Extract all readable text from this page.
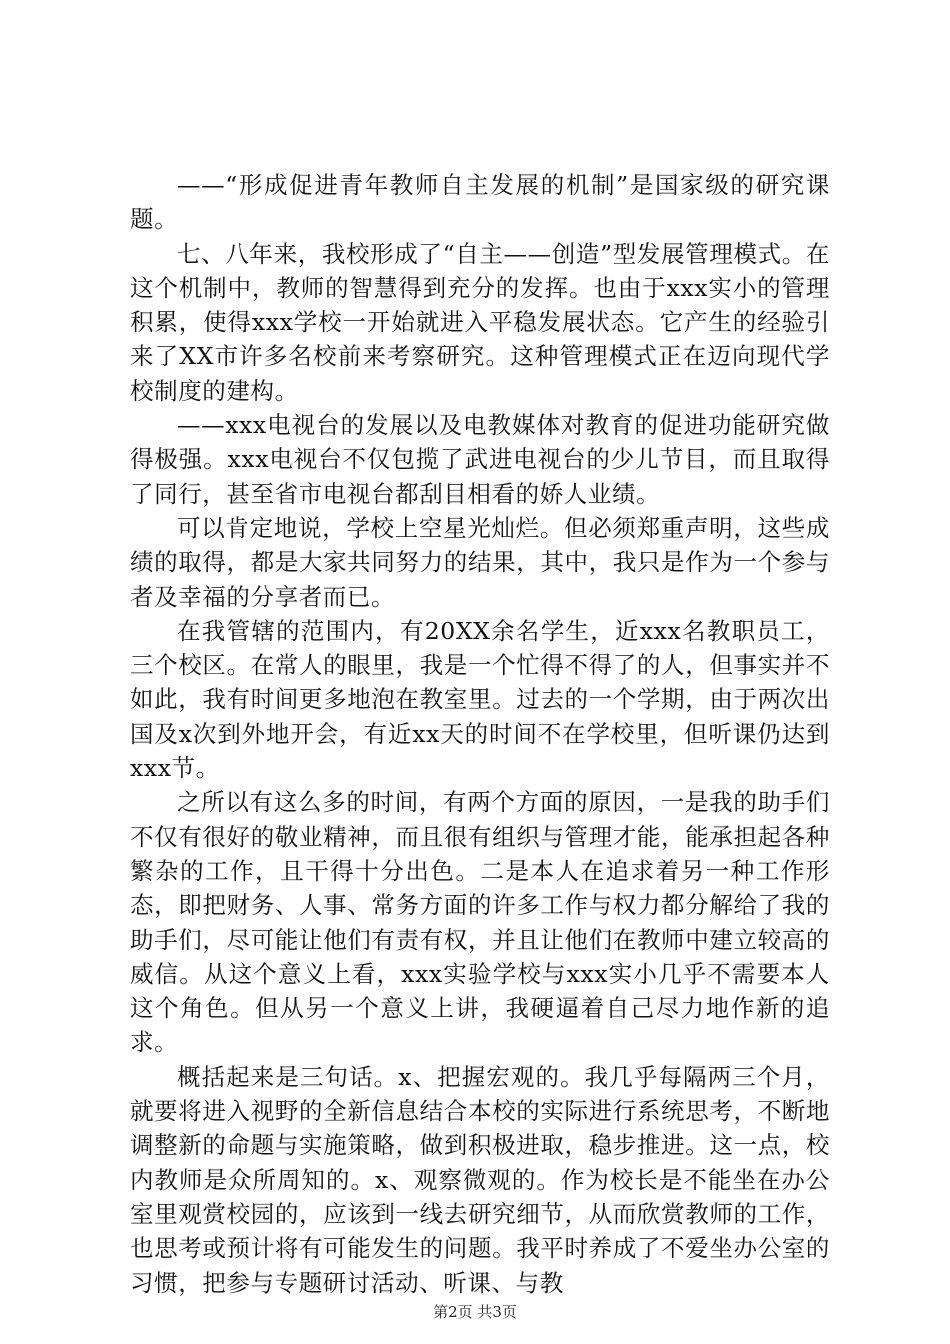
——“形成促进青年教师自主发展的机制”是国家级的研究课题。

七、八年来，我校形成了“自主——创造”型发展管理模式。在这个机制中，教师的智慧得到充分的发挥。也由于xxx实小的管理积累，使得xxx学校一开始就进入平稳发展状态。它产生的经验引来了XX市许多名校前来考察研究。这种管理模式正在迈向现代学校制度的建构。

——xxx电视台的发展以及电教媒体对教育的促进功能研究做得极强。xxx电视台不仅包揽了武进电视台的少儿节目，而且取得了同行，甚至省市电视台都刮目相看的娇人业绩。

可以肯定地说，学校上空星光灿烂。但必须郑重声明，这些成绩的取得，都是大家共同努力的结果，其中，我只是作为一个参与者及幸福的分享者而已。

在我管辖的范围内，有20XX余名学生，近xxx名教职员工，三个校区。在常人的眼里，我是一个忙得不得了的人，但事实并不如此，我有时间更多地泡在教室里。过去的一个学期，由于两次出国及x次到外地开会，有近xx天的时间不在学校里，但听课仍达到xxx节。

之所以有这么多的时间，有两个方面的原因，一是我的助手们不仅有很好的敬业精神，而且很有组织与管理才能，能承担起各种繁杂的工作，且干得十分出色。二是本人在追求着另一种工作形态，即把财务、人事、常务方面的许多工作与权力都分解给了我的助手们，尽可能让他们有责有权，并且让他们在教师中建立较高的威信。从这个意义上看，xxx实验学校与xxx实小几乎不需要本人这个角色。但从另一个意义上讲，我硬逼着自己尽力地作新的追求。

概括起来是三句话。x、把握宏观的。我几乎每隔两三个月，就要将进入视野的全新信息结合本校的实际进行系统思考，不断地调整新的命题与实施策略，做到积极进取，稳步推进。这一点，校内教师是众所周知的。x、观察微观的。作为校长是不能坐在办公室里观赏校园的，应该到一线去研究细节，从而欣赏教师的工作，也思考或预计将有可能发生的问题。我平时养成了不爱坐办公室的习惯，把参与专题研讨活动、听课、与教

第2页 共3页
